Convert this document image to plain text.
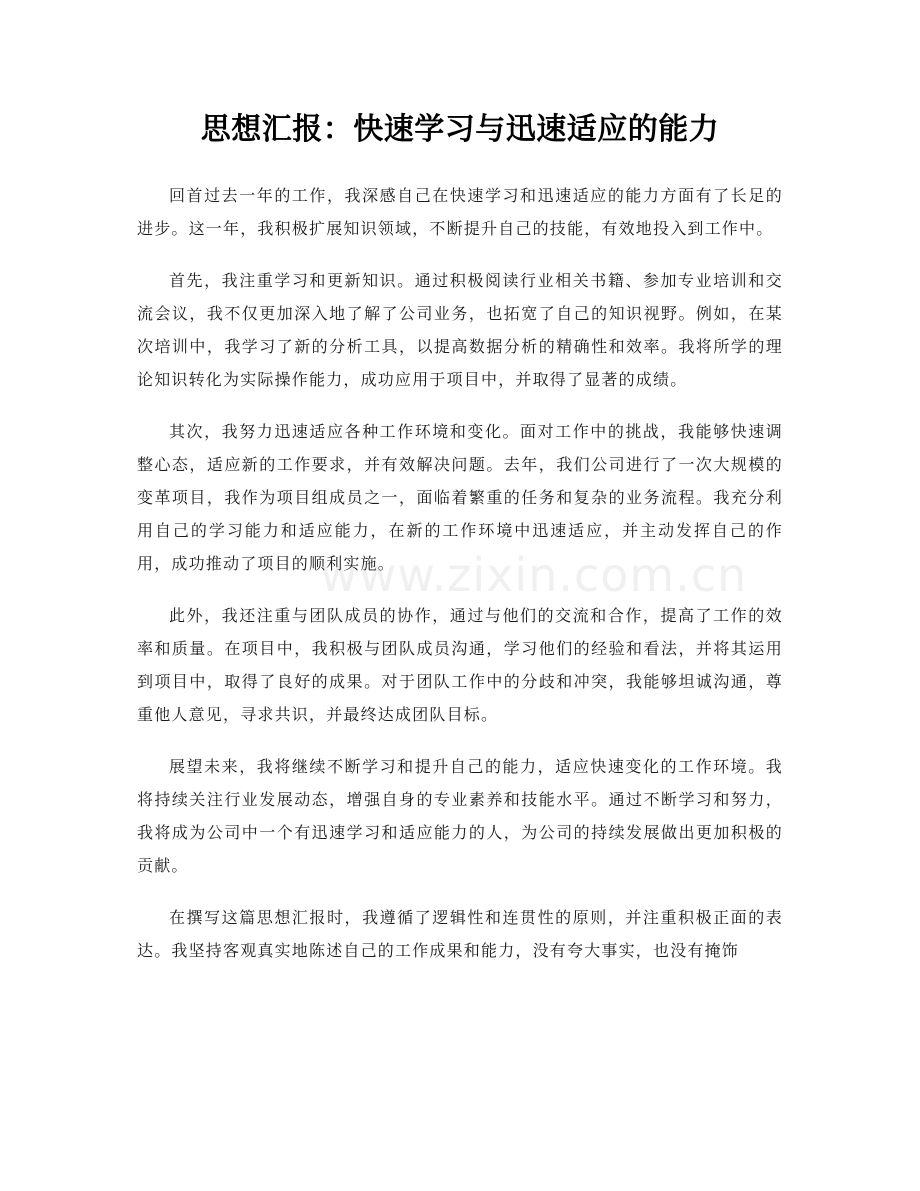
思想汇报：快速学习与迅速适应的能力

回首过去一年的工作，我深感自己在快速学习和迅速适应的能力方面有了长足的进步。这一年，我积极扩展知识领域，不断提升自己的技能，有效地投入到工作中。

首先，我注重学习和更新知识。通过积极阅读行业相关书籍、参加专业培训和交流会议，我不仅更加深入地了解了公司业务，也拓宽了自己的知识视野。例如，在某次培训中，我学习了新的分析工具，以提高数据分析的精确性和效率。我将所学的理论知识转化为实际操作能力，成功应用于项目中，并取得了显著的成绩。

其次，我努力迅速适应各种工作环境和变化。面对工作中的挑战，我能够快速调整心态，适应新的工作要求，并有效解决问题。去年，我们公司进行了一次大规模的变革项目，我作为项目组成员之一，面临着繁重的任务和复杂的业务流程。我充分利用自己的学习能力和适应能力，在新的工作环境中迅速适应，并主动发挥自己的作用，成功推动了项目的顺利实施。

此外，我还注重与团队成员的协作，通过与他们的交流和合作，提高了工作的效率和质量。在项目中，我积极与团队成员沟通，学习他们的经验和看法，并将其运用到项目中，取得了良好的成果。对于团队工作中的分歧和冲突，我能够坦诚沟通，尊重他人意见，寻求共识，并最终达成团队目标。

展望未来，我将继续不断学习和提升自己的能力，适应快速变化的工作环境。我将持续关注行业发展动态，增强自身的专业素养和技能水平。通过不断学习和努力，我将成为公司中一个有迅速学习和适应能力的人，为公司的持续发展做出更加积极的贡献。

在撰写这篇思想汇报时，我遵循了逻辑性和连贯性的原则，并注重积极正面的表达。我坚持客观真实地陈述自己的工作成果和能力，没有夸大事实，也没有掩饰

www.zixin.com.cn
